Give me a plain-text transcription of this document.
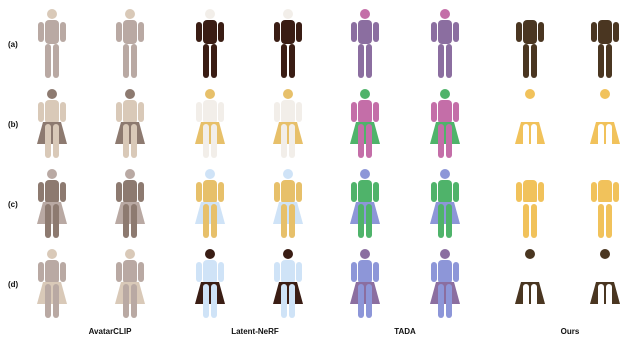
(a)
(b)
(c)
(d)
AvatarCLIP	Latent-NeRF	TADA	Ours
